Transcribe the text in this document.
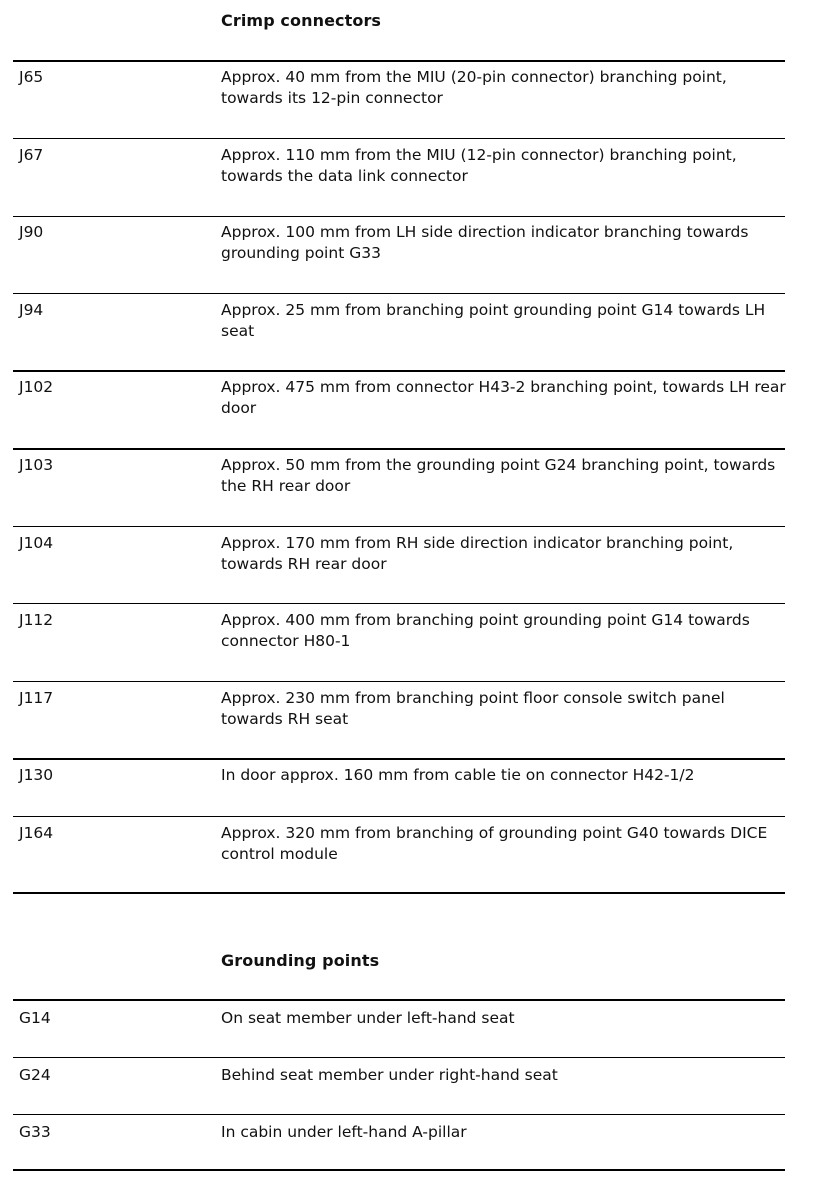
Crimp connectors
J65	Approx. 40 mm from the MIU (20-pin connector) branching point, towards its 12-pin connector
J67	Approx. 110 mm from the MIU (12-pin connector) branching point, towards the data link connector
J90	Approx. 100 mm from LH side direction indicator branching towards grounding point G33
J94	Approx. 25 mm from branching point grounding point G14 towards LH seat
J102	Approx. 475 mm from connector H43-2 branching point, towards LH rear door
J103	Approx. 50 mm from the grounding point G24 branching point, towards the RH rear door
J104	Approx. 170 mm from RH side direction indicator branching point, towards RH rear door
J112	Approx. 400 mm from branching point grounding point G14 towards connector H80-1
J117	Approx. 230 mm from branching point floor console switch panel towards RH seat
J130	In door approx. 160 mm from cable tie on connector H42-1/2
J164	Approx. 320 mm from branching of grounding point G40 towards DICE control module
Grounding points
G14	On seat member under left-hand seat
G24	Behind seat member under right-hand seat
G33	In cabin under left-hand A-pillar
